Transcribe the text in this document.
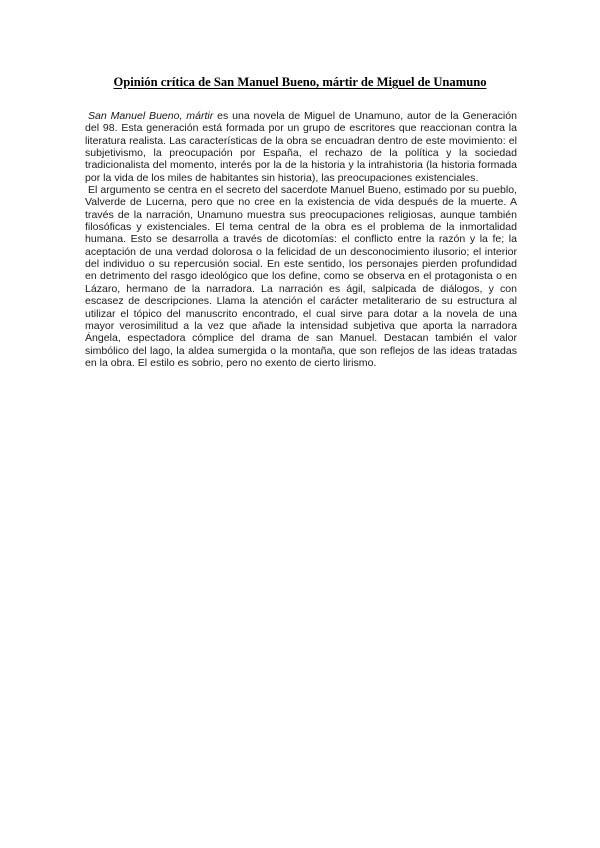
Opinión crítica de San Manuel Bueno, mártir de Miguel de Unamuno

San Manuel Bueno, mártir es una novela de Miguel de Unamuno, autor de la Generación del 98. Esta generación está formada por un grupo de escritores que reaccionan contra la literatura realista. Las características de la obra se encuadran dentro de este movimiento: el subjetivismo, la preocupación por España, el rechazo de la política y la sociedad tradicionalista del momento, interés por la de la historia y la intrahistoria (la historia formada por la vida de los miles de habitantes sin historia), las preocupaciones existenciales.

El argumento se centra en el secreto del sacerdote Manuel Bueno, estimado por su pueblo, Valverde de Lucerna, pero que no cree en la existencia de vida después de la muerte. A través de la narración, Unamuno muestra sus preocupaciones religiosas, aunque también filosóficas y existenciales. El tema central de la obra es el problema de la inmortalidad humana. Esto se desarrolla a través de dicotomías: el conflicto entre la razón y la fe; la aceptación de una verdad dolorosa o la felicidad de un desconocimiento ilusorio; el interior del individuo o su repercusión social. En este sentido, los personajes pierden profundidad en detrimento del rasgo ideológico que los define, como se observa en el protagonista o en Lázaro, hermano de la narradora. La narración es ágil, salpicada de diálogos, y con escasez de descripciones. Llama la atención el carácter metaliterario de su estructura al utilizar el tópico del manuscrito encontrado, el cual sirve para dotar a la novela de una mayor verosimilitud a la vez que añade la intensidad subjetiva que aporta la narradora Ángela, espectadora cómplice del drama de san Manuel. Destacan también el valor simbólico del lago, la aldea sumergida o la montaña, que son reflejos de las ideas tratadas en la obra. El estilo es sobrio, pero no exento de cierto lirismo.
